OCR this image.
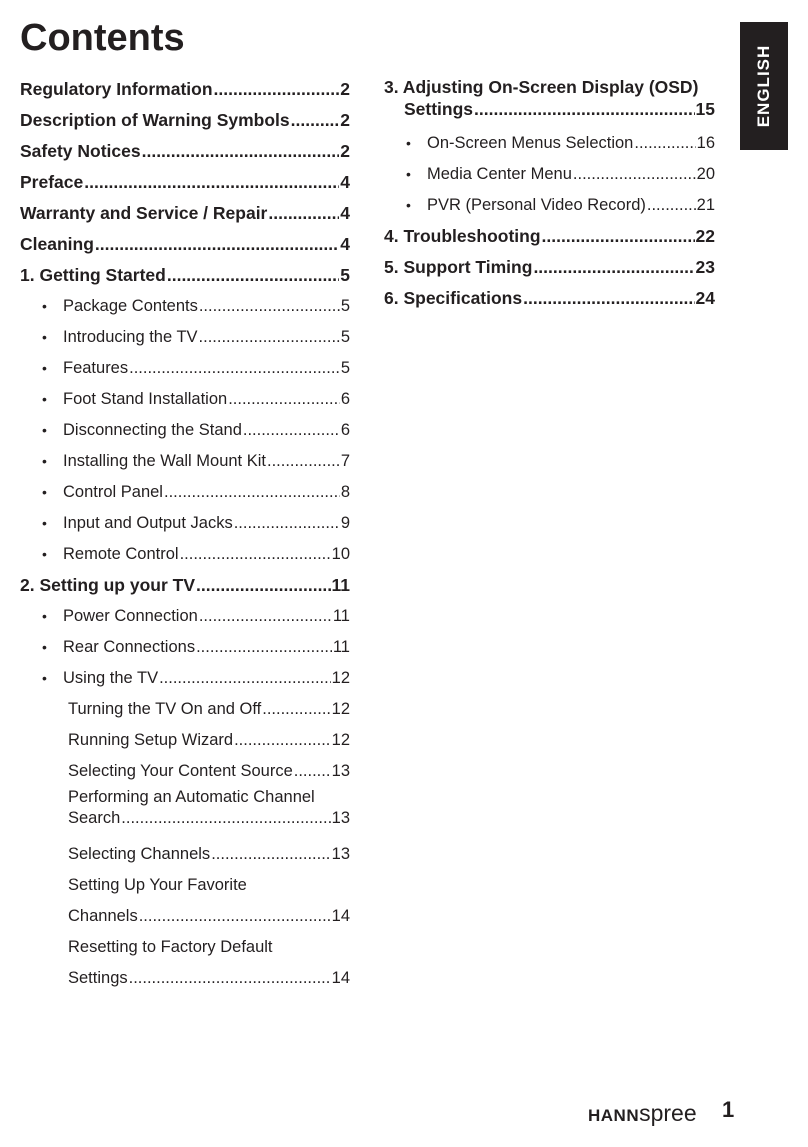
Contents
ENGLISH
Regulatory Information .....	2
Description of Warning Symbols .....	2
Safety Notices .....	2
Preface .....	4
Warranty and Service / Repair .....	4
Cleaning .....	4
1. Getting Started .....	5
• Package Contents .....	5
• Introducing the TV .....	5
• Features .....	5
• Foot Stand Installation .....	6
• Disconnecting the Stand .....	6
• Installing the Wall Mount Kit .....	7
• Control Panel .....	8
• Input and Output Jacks .....	9
• Remote Control .....	10
2. Setting up your TV .....	11
• Power Connection .....	11
• Rear Connections .....	11
• Using the TV .....	12
Turning the TV On and Off .....	12
Running Setup Wizard .....	12
Selecting Your Content Source ..... 13
Performing an Automatic Channel
Search .....	13
Selecting Channels .....	13
Setting Up Your Favorite
Channels .....	14
Resetting to Factory Default
Settings .....	14
3. Adjusting On-Screen Display (OSD)
Settings .....	15
• On-Screen Menus Selection .....	16
• Media Center Menu .....	20
• PVR (Personal Video Record) .....	21
4. Troubleshooting .....	22
5. Support Timing .....	23
6. Specifications .....	24
HANNspree 1
